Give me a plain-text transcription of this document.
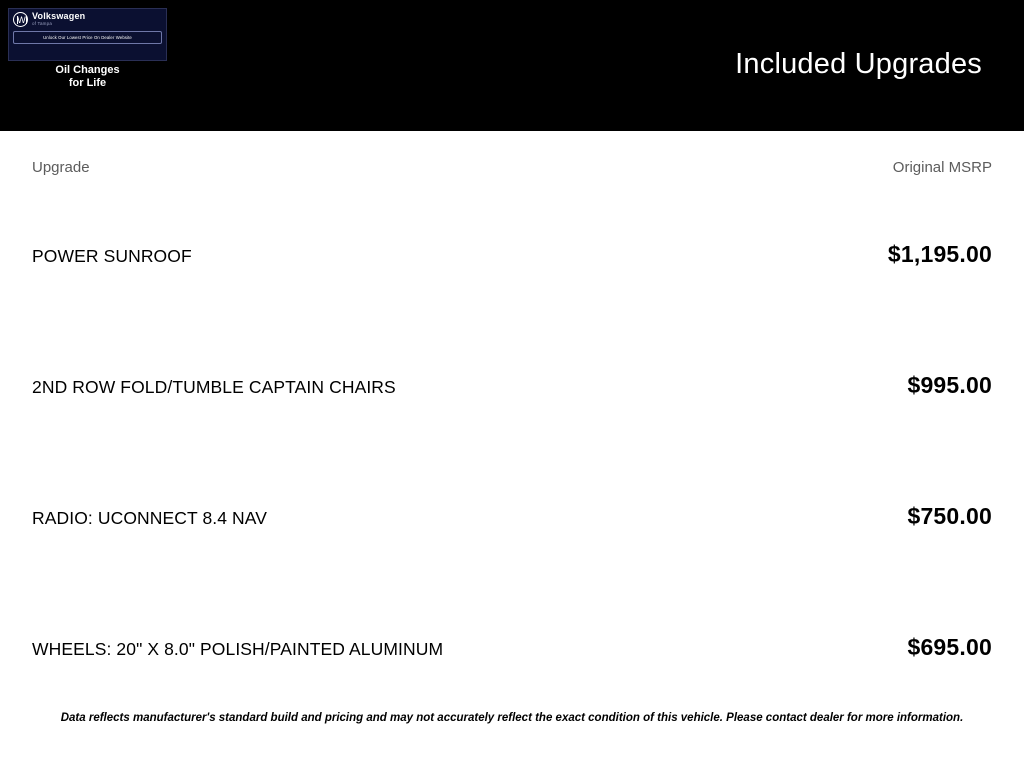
W
Volkswagen
of Tampa
Unlock Our Lowest Price On Dealer Website
Oil Changes
for Life
Included Upgrades
Upgrade	Original MSRP
POWER SUNROOF	$1,195.00
2ND ROW FOLD/TUMBLE CAPTAIN CHAIRS	$995.00
RADIO: UCONNECT 8.4 NAV	$750.00
WHEELS: 20" X 8.0" POLISH/PAINTED ALUMINUM	$695.00
Data reflects manufacturer's standard build and pricing and may not accurately reflect the exact condition of this vehicle. Please contact dealer for more information.
